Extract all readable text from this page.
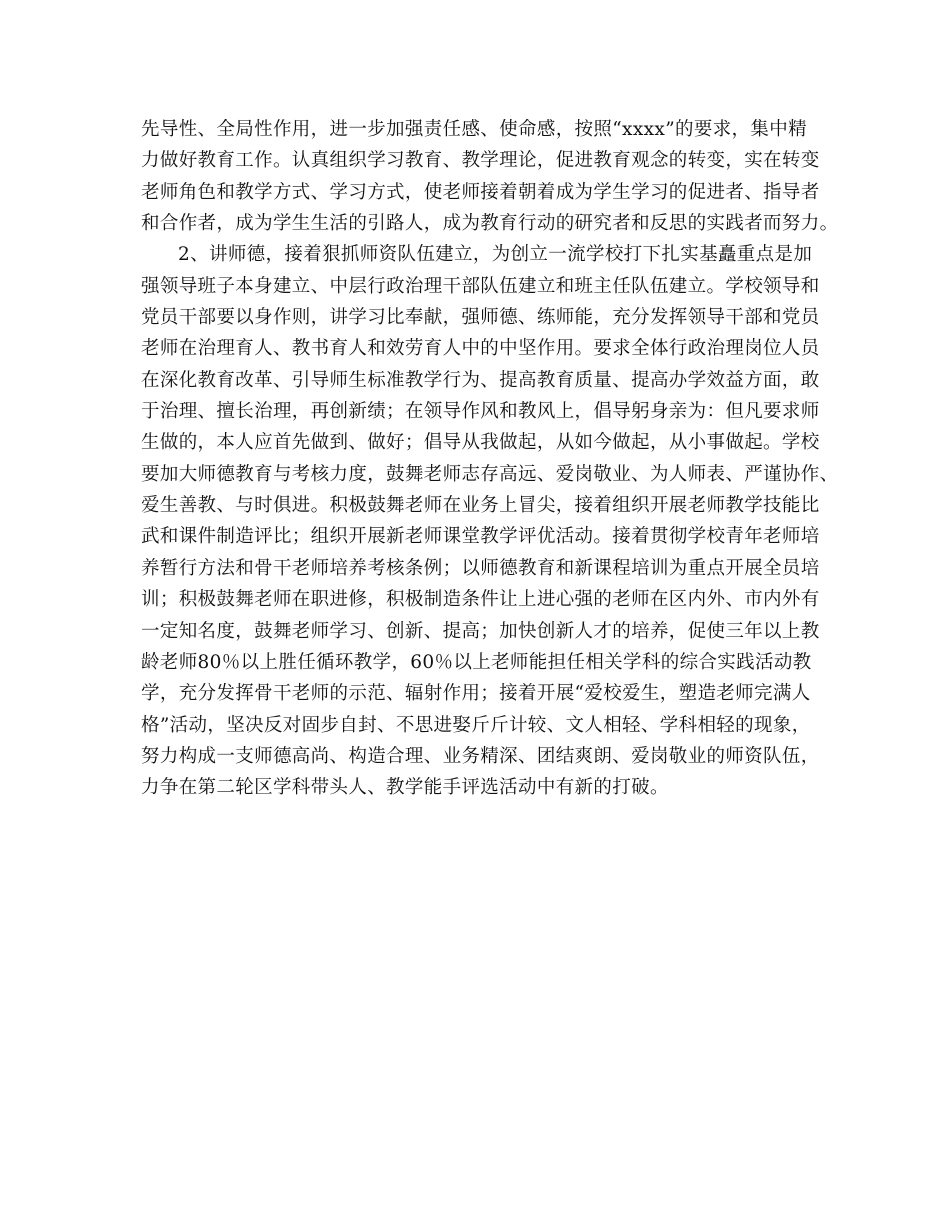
先导性、全局性作用，进一步加强责任感、使命感，按照“xxxx”的要求，集中精
力做好教育工作。认真组织学习教育、教学理论，促进教育观念的转变，实在转变
老师角色和教学方式、学习方式，使老师接着朝着成为学生学习的促进者、指导者
和合作者，成为学生生活的引路人，成为教育行动的研究者和反思的实践者而努力。
2、讲师德，接着狠抓师资队伍建立，为创立一流学校打下扎实基矗重点是加
强领导班子本身建立、中层行政治理干部队伍建立和班主任队伍建立。学校领导和
党员干部要以身作则，讲学习比奉献，强师德、练师能，充分发挥领导干部和党员
老师在治理育人、教书育人和效劳育人中的中坚作用。要求全体行政治理岗位人员
在深化教育改革、引导师生标准教学行为、提高教育质量、提高办学效益方面，敢
于治理、擅长治理，再创新绩；在领导作风和教风上，倡导躬身亲为：但凡要求师
生做的，本人应首先做到、做好；倡导从我做起，从如今做起，从小事做起。学校
要加大师德教育与考核力度，鼓舞老师志存高远、爱岗敬业、为人师表、严谨协作、
爱生善教、与时俱进。积极鼓舞老师在业务上冒尖，接着组织开展老师教学技能比
武和课件制造评比；组织开展新老师课堂教学评优活动。接着贯彻学校青年老师培
养暂行方法和骨干老师培养考核条例；以师德教育和新课程培训为重点开展全员培
训；积极鼓舞老师在职进修，积极制造条件让上进心强的老师在区内外、市内外有
一定知名度，鼓舞老师学习、创新、提高；加快创新人才的培养，促使三年以上教
龄老师80％以上胜任循环教学，60％以上老师能担任相关学科的综合实践活动教
学，充分发挥骨干老师的示范、辐射作用；接着开展“爱校爱生，塑造老师完满人
格”活动，坚决反对固步自封、不思进娶斤斤计较、文人相轻、学科相轻的现象，
努力构成一支师德高尚、构造合理、业务精深、团结爽朗、爱岗敬业的师资队伍，
力争在第二轮区学科带头人、教学能手评选活动中有新的打破。
